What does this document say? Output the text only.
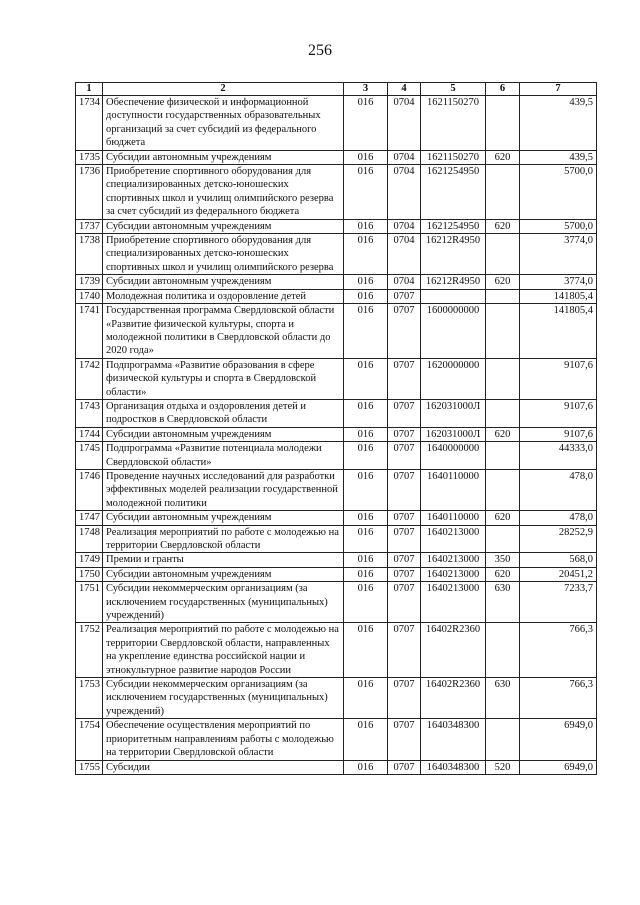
256
1	2	3	4	5	6	7
1734	Обеспечение физической и информационной доступности государственных образовательных организаций за счет субсидий из федерального бюджета	016	0704	1621150270		439,5
1735	Субсидии автономным учреждениям	016	0704	1621150270	620	439,5
1736	Приобретение спортивного оборудования для специализированных детско-юношеских спортивных школ и училищ олимпийского резерва за счет субсидий из федерального бюджета	016	0704	1621254950		5700,0
1737	Субсидии автономным учреждениям	016	0704	1621254950	620	5700,0
1738	Приобретение спортивного оборудования для специализированных детско-юношеских спортивных школ и училищ олимпийского резерва	016	0704	16212R4950		3774,0
1739	Субсидии автономным учреждениям	016	0704	16212R4950	620	3774,0
1740	Молодежная политика и оздоровление детей	016	0707			141805,4
1741	Государственная программа Свердловской области «Развитие физической культуры, спорта и молодежной политики в Свердловской области до 2020 года»	016	0707	1600000000		141805,4
1742	Подпрограмма «Развитие образования в сфере физической культуры и спорта в Свердловской области»	016	0707	1620000000		9107,6
1743	Организация отдыха и оздоровления детей и подростков в Свердловской области	016	0707	162031000Л		9107,6
1744	Субсидии автономным учреждениям	016	0707	162031000Л	620	9107,6
1745	Подпрограмма «Развитие потенциала молодежи Свердловской области»	016	0707	1640000000		44333,0
1746	Проведение научных исследований для разработки эффективных моделей реализации государственной молодежной политики	016	0707	1640110000		478,0
1747	Субсидии автономным учреждениям	016	0707	1640110000	620	478,0
1748	Реализация мероприятий по работе с молодежью на территории Свердловской области	016	0707	1640213000		28252,9
1749	Премии и гранты	016	0707	1640213000	350	568,0
1750	Субсидии автономным учреждениям	016	0707	1640213000	620	20451,2
1751	Субсидии некоммерческим организациям (за исключением государственных (муниципальных) учреждений)	016	0707	1640213000	630	7233,7
1752	Реализация мероприятий по работе с молодежью на территории Свердловской области, направленных на укрепление единства российской нации и этнокультурное развитие народов России	016	0707	16402R2360		766,3
1753	Субсидии некоммерческим организациям (за исключением государственных (муниципальных) учреждений)	016	0707	16402R2360	630	766,3
1754	Обеспечение осуществления мероприятий по приоритетным направлениям работы с молодежью на территории Свердловской области	016	0707	1640348300		6949,0
1755	Субсидии	016	0707	1640348300	520	6949,0
